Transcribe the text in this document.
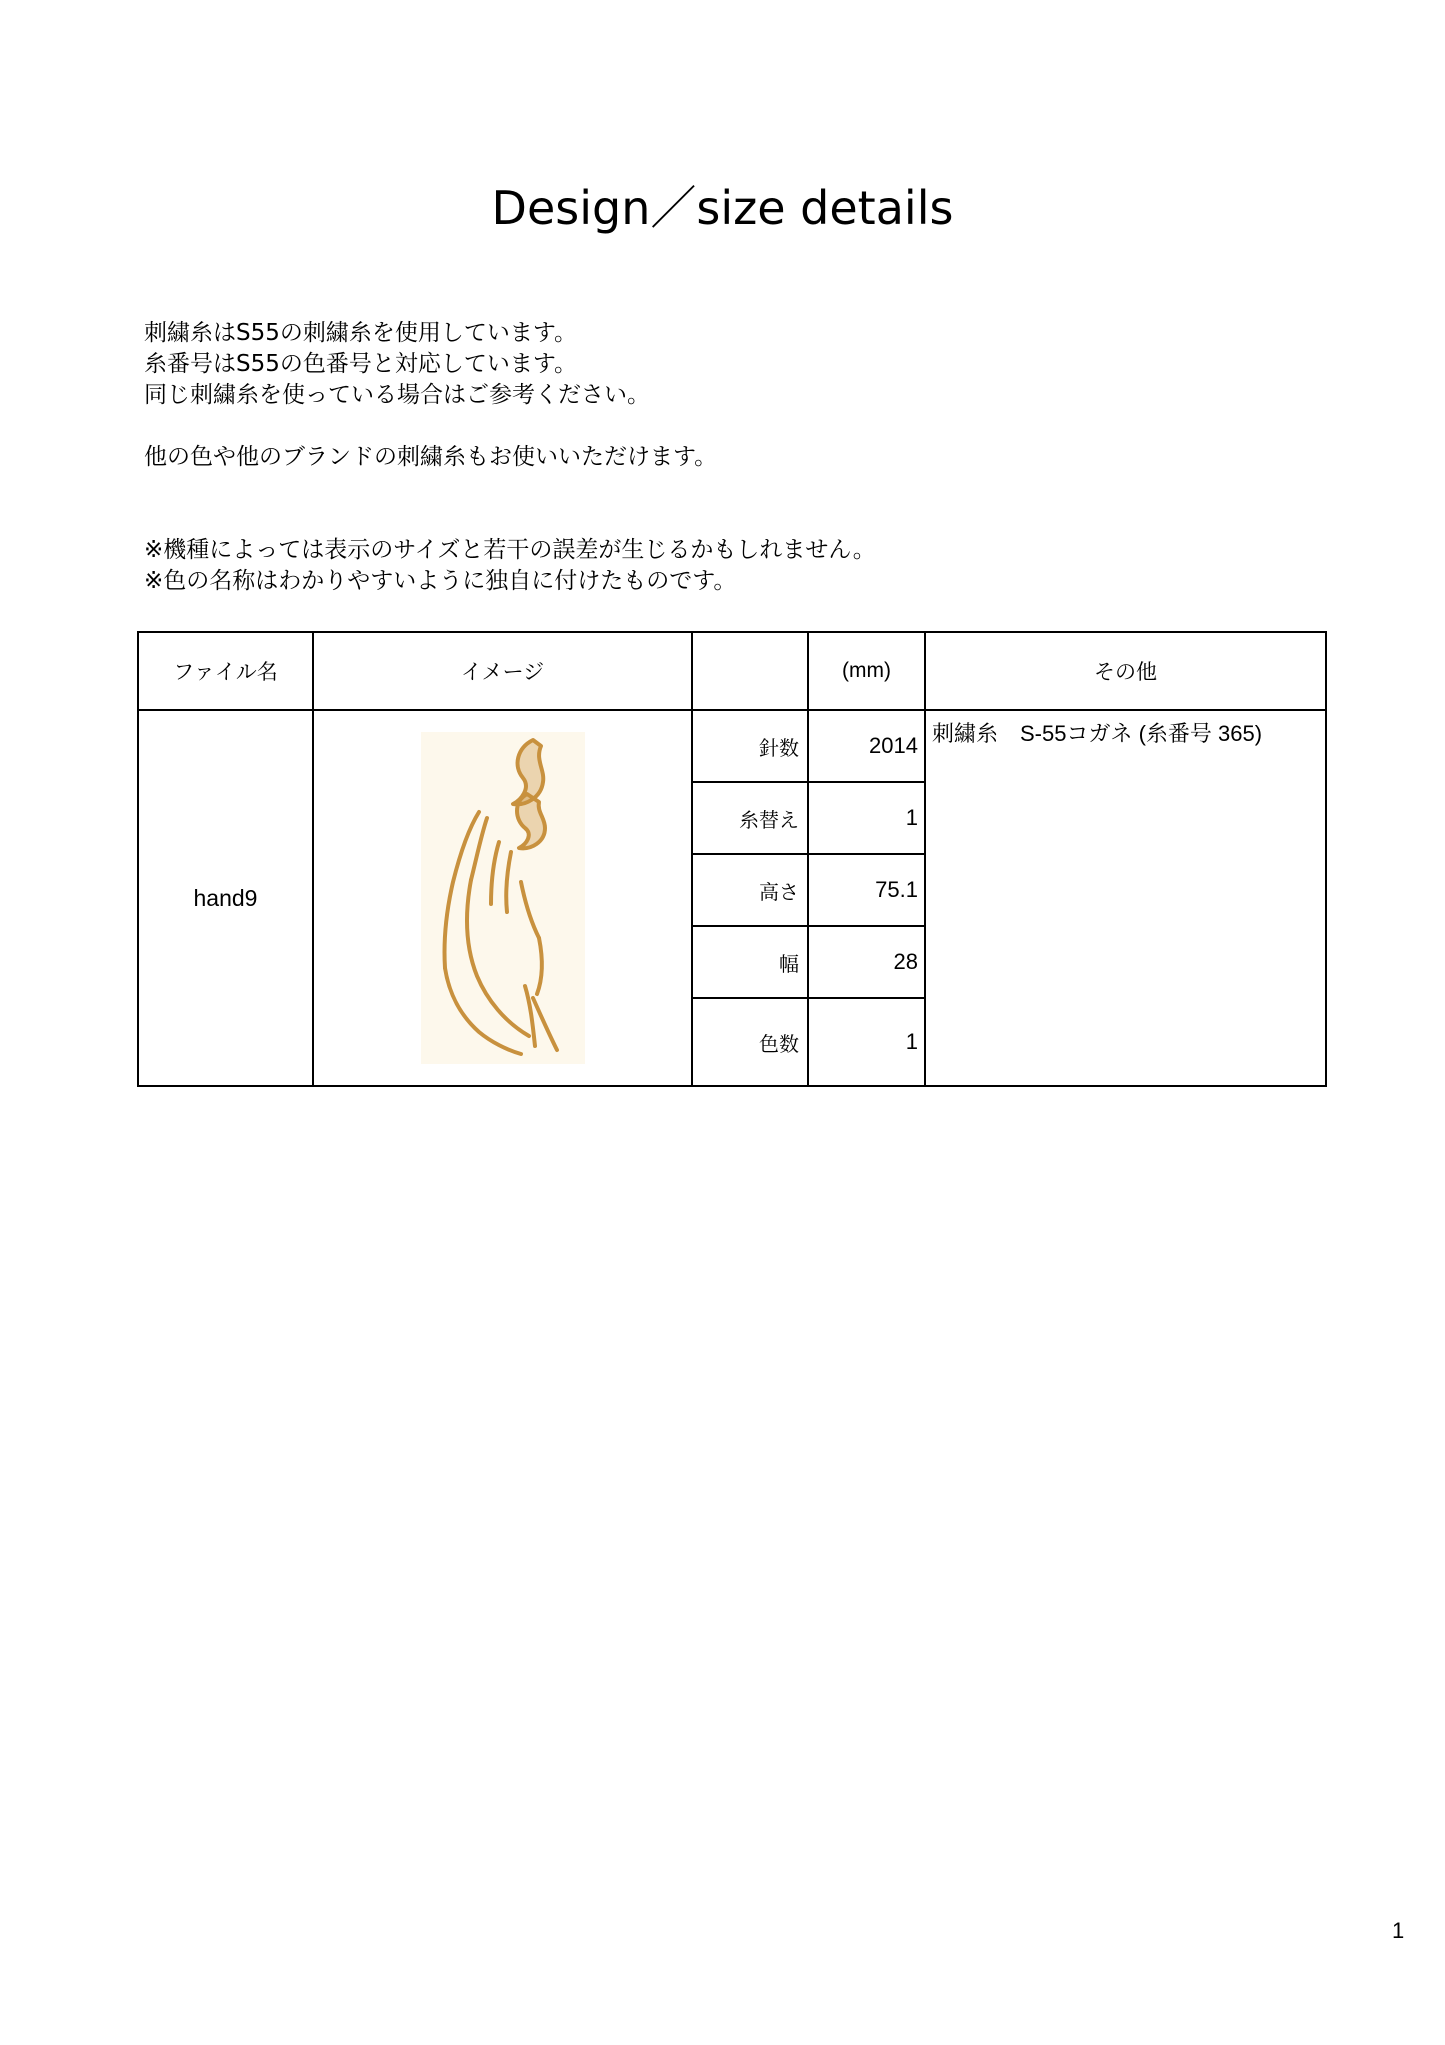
Design／size details

刺繍糸はS55の刺繍糸を使用しています。

糸番号はS55の色番号と対応しています。

同じ刺繍糸を使っている場合はご参考ください。

他の色や他のブランドの刺繍糸もお使いいただけます。

※機種によっては表示のサイズと若干の誤差が生じるかもしれません。

※色の名称はわかりやすいように独自に付けたものです。

ファイル名	イメージ		(mm)	その他
hand9		針数	2014	刺繍糸　S-55コガネ (糸番号 365)
		糸替え	1	
		高さ	75.1	
		幅	28	
		色数	1	
1
